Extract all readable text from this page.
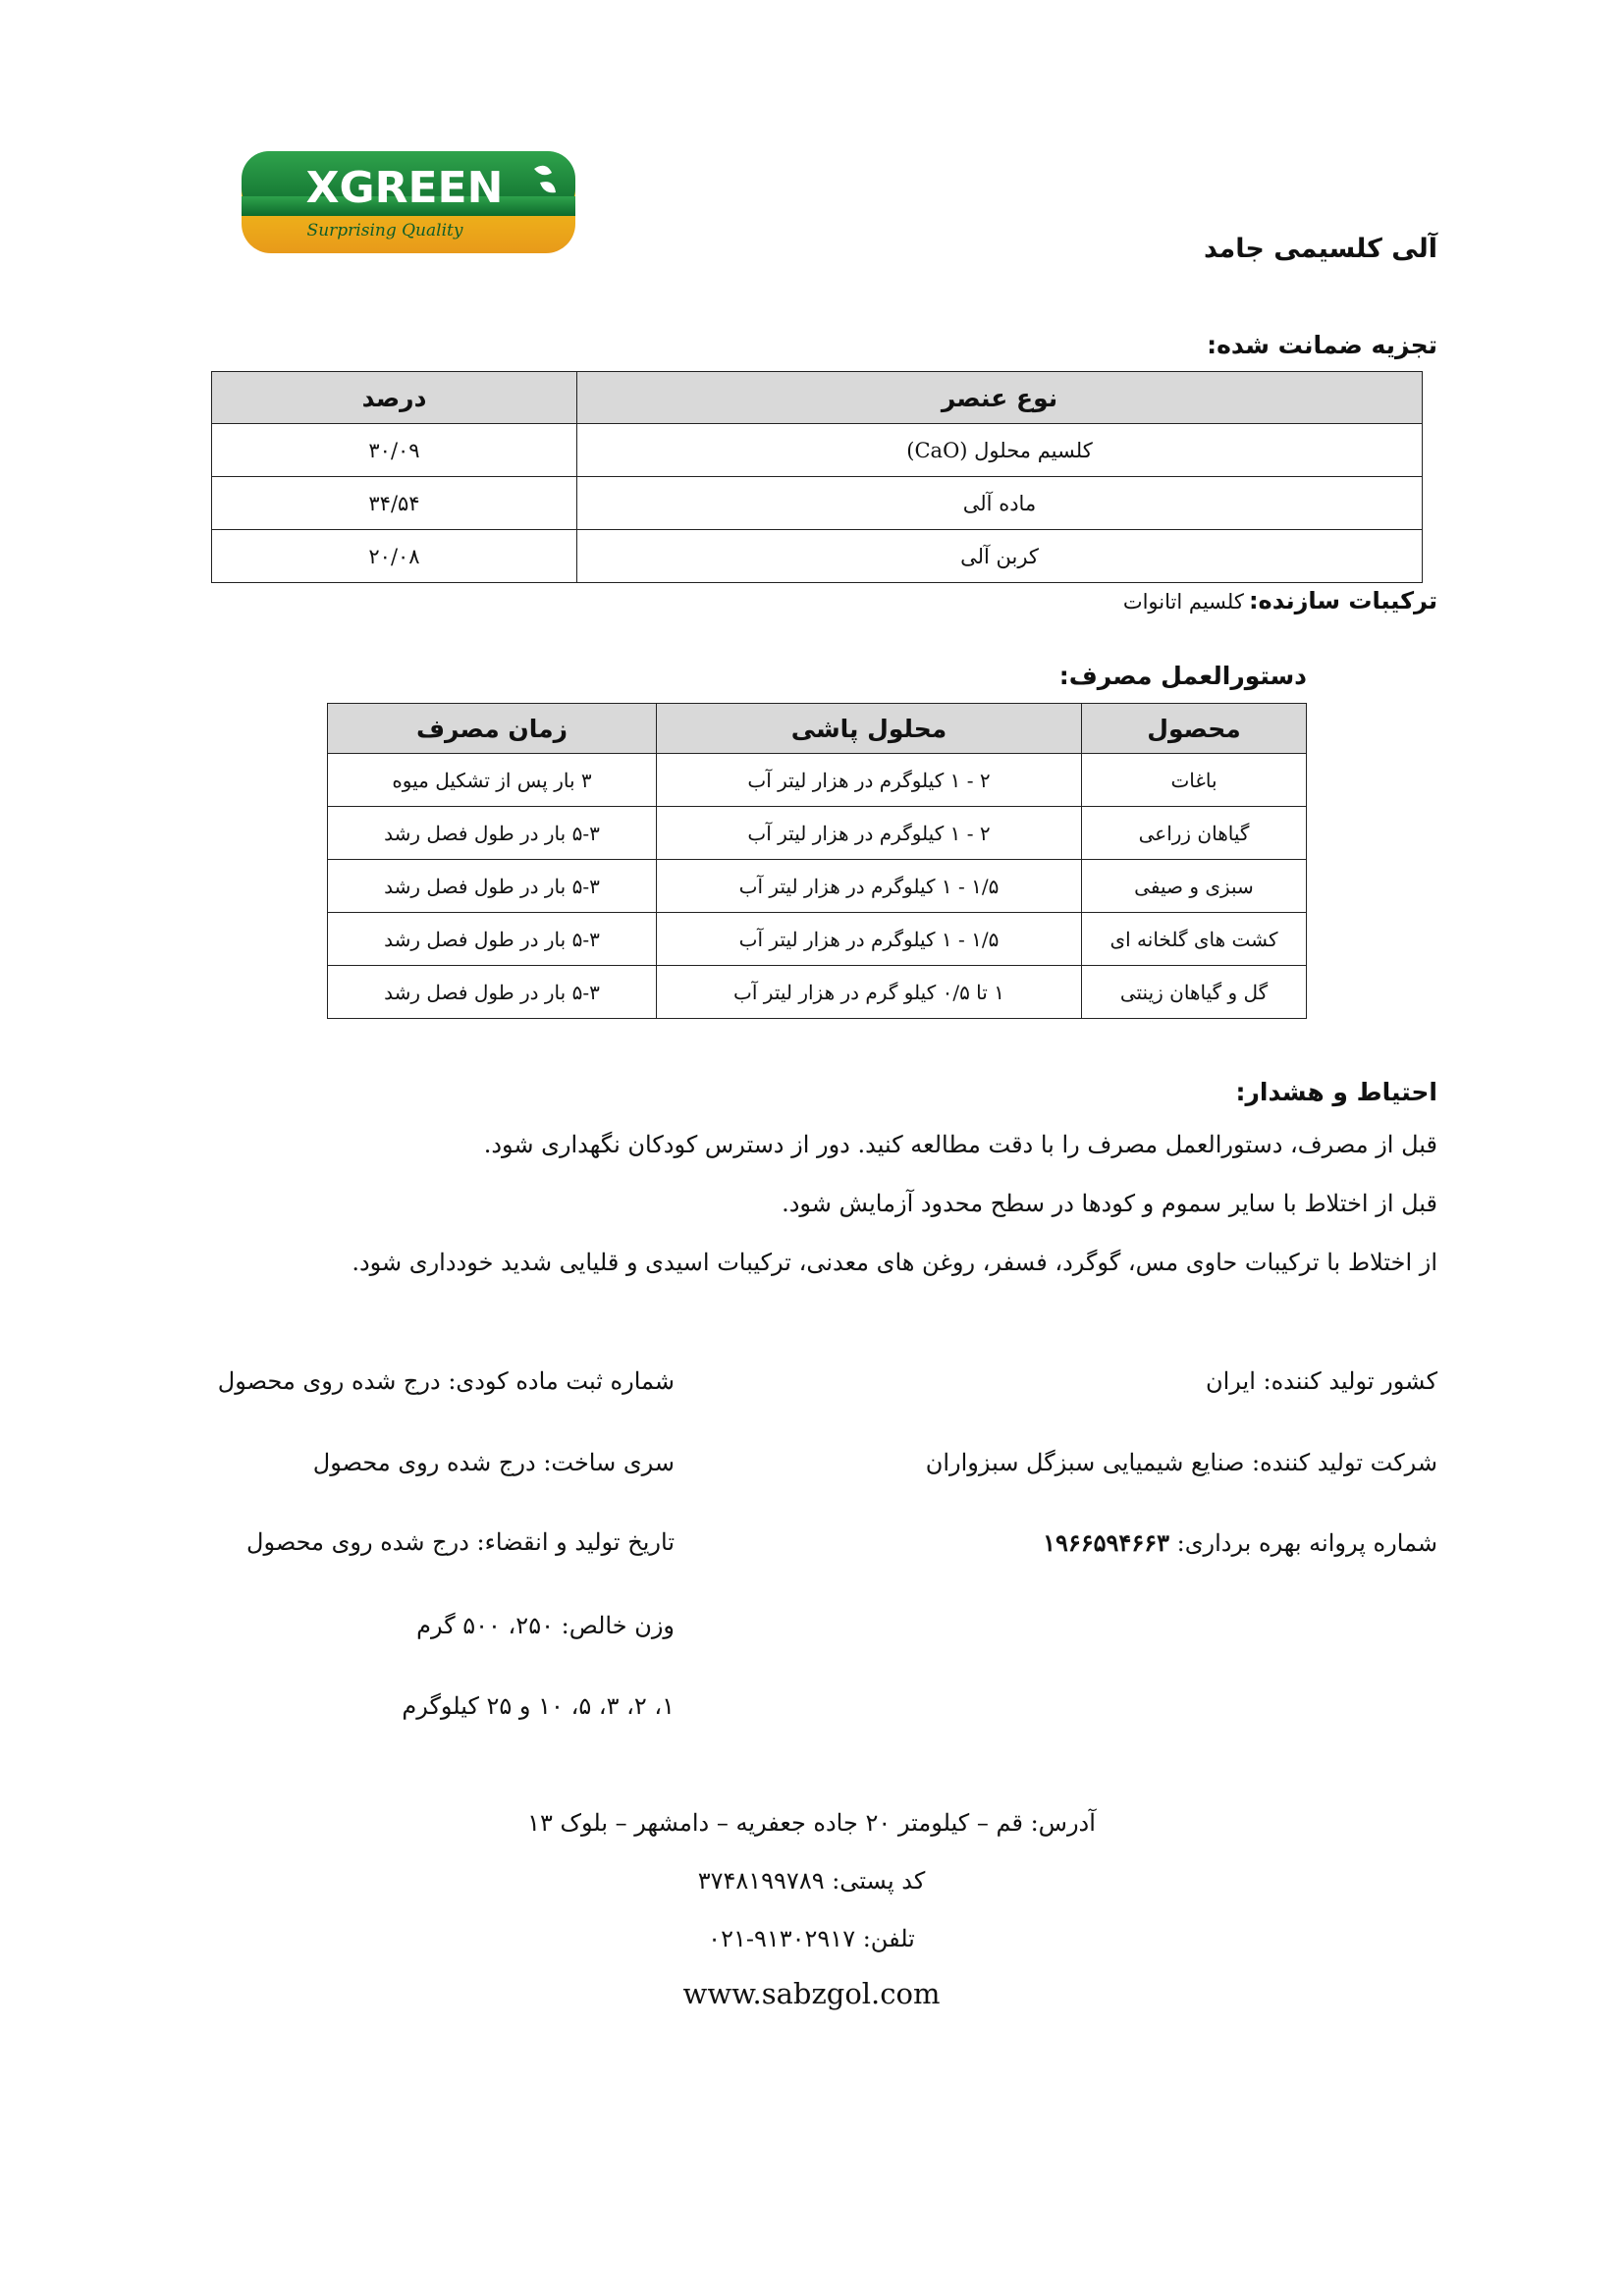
XGREEN
Surprising Quality
آلی کلسیمی جامد
تجزیه ضمانت شده:
نوع عنصر	درصد
کلسیم محلول (CaO)	۳۰/۰۹
ماده آلی	۳۴/۵۴
کربن آلی	۲۰/۰۸
ترکیبات سازنده: کلسیم اتانوات
دستورالعمل مصرف:
محصول	محلول پاشی	زمان مصرف
باغات	۲ - ۱ کیلوگرم در هزار لیتر آب	۳ بار پس از تشکیل میوه
گیاهان زراعی	۲ - ۱ کیلوگرم در هزار لیتر آب	۵-۳ بار در طول فصل رشد
سبزی و صیفی	۱/۵ - ۱ کیلوگرم در هزار لیتر آب	۵-۳ بار در طول فصل رشد
کشت های گلخانه ای	۱/۵ - ۱ کیلوگرم در هزار لیتر آب	۵-۳ بار در طول فصل رشد
گل و گیاهان زینتی	۱ تا ۰/۵ کیلو گرم در هزار لیتر آب	۵-۳ بار در طول فصل رشد
احتیاط و هشدار:
قبل از مصرف، دستورالعمل مصرف را با دقت مطالعه کنید. دور از دسترس کودکان نگهداری شود.
قبل از اختلاط با سایر سموم و کودها در سطح محدود آزمایش شود.
از اختلاط با ترکیبات حاوی مس، گوگرد، فسفر، روغن های معدنی، ترکیبات اسیدی و قلیایی شدید خودداری شود.
کشور تولید کننده: ایران
شرکت تولید کننده: صنایع شیمیایی سبزگل سبزواران
شماره پروانه بهره برداری: ۱۹۶۶۵۹۴۶۶۳
شماره ثبت ماده کودی: درج شده روی محصول
سری ساخت: درج شده روی محصول
تاریخ تولید و انقضاء: درج شده روی محصول
وزن خالص: ۲۵۰، ۵۰۰ گرم
۱، ۲، ۳، ۵، ۱۰ و ۲۵ کیلوگرم
آدرس: قم – کیلومتر ۲۰ جاده جعفریه – دامشهر – بلوک ۱۳
کد پستی: ۳۷۴۸۱۹۹۷۸۹
تلفن: ۹۱۳۰۲۹۱۷-۰۲۱
www.sabzgol.com
